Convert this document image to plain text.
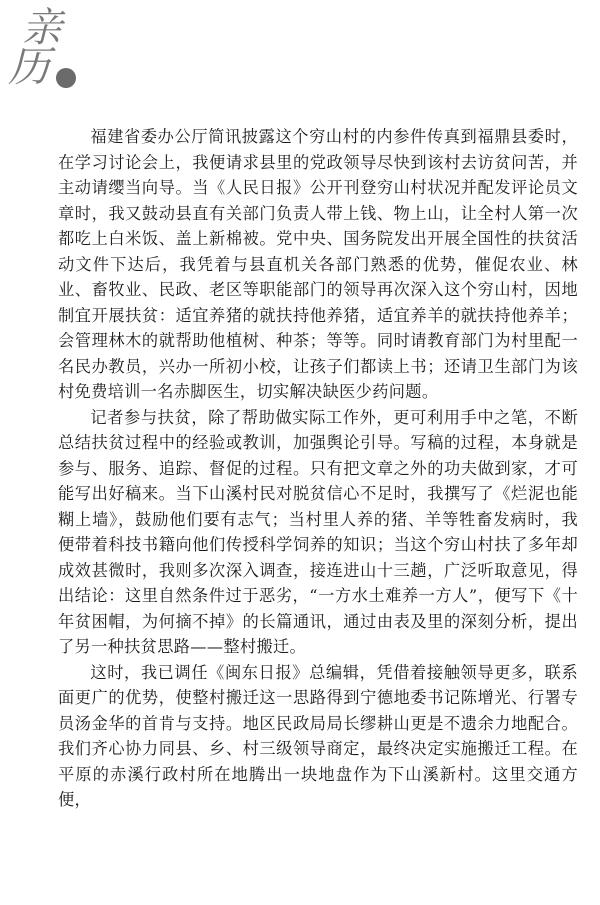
亲
历

福建省委办公厅简讯披露这个穷山村的内参件传真到福鼎县委时，在学习讨论会上，我便请求县里的党政领导尽快到该村去访贫问苦，并主动请缨当向导。当《人民日报》公开刊登穷山村状况并配发评论员文章时，我又鼓动县直有关部门负责人带上钱、物上山，让全村人第一次都吃上白米饭、盖上新棉被。党中央、国务院发出开展全国性的扶贫活动文件下达后，我凭着与县直机关各部门熟悉的优势，催促农业、林业、畜牧业、民政、老区等职能部门的领导再次深入这个穷山村，因地制宜开展扶贫：适宜养猪的就扶持他养猪，适宜养羊的就扶持他养羊；会管理林木的就帮助他植树、种茶；等等。同时请教育部门为村里配一名民办教员，兴办一所初小校，让孩子们都读上书；还请卫生部门为该村免费培训一名赤脚医生，切实解决缺医少药问题。

记者参与扶贫，除了帮助做实际工作外，更可利用手中之笔，不断总结扶贫过程中的经验或教训，加强舆论引导。写稿的过程，本身就是参与、服务、追踪、督促的过程。只有把文章之外的功夫做到家，才可能写出好稿来。当下山溪村民对脱贫信心不足时，我撰写了《烂泥也能糊上墙》，鼓励他们要有志气；当村里人养的猪、羊等牲畜发病时，我便带着科技书籍向他们传授科学饲养的知识；当这个穷山村扶了多年却成效甚微时，我则多次深入调查，接连进山十三趟，广泛听取意见，得出结论：这里自然条件过于恶劣，“一方水土难养一方人”，便写下《十年贫困帽，为何摘不掉》的长篇通讯，通过由表及里的深刻分析，提出了另一种扶贫思路——整村搬迁。

这时，我已调任《闽东日报》总编辑，凭借着接触领导更多，联系面更广的优势，使整村搬迁这一思路得到宁德地委书记陈增光、行署专员汤金华的首肯与支持。地区民政局局长缪耕山更是不遗余力地配合。我们齐心协力同县、乡、村三级领导商定，最终决定实施搬迁工程。在平原的赤溪行政村所在地腾出一块地盘作为下山溪新村。这里交通方便，
